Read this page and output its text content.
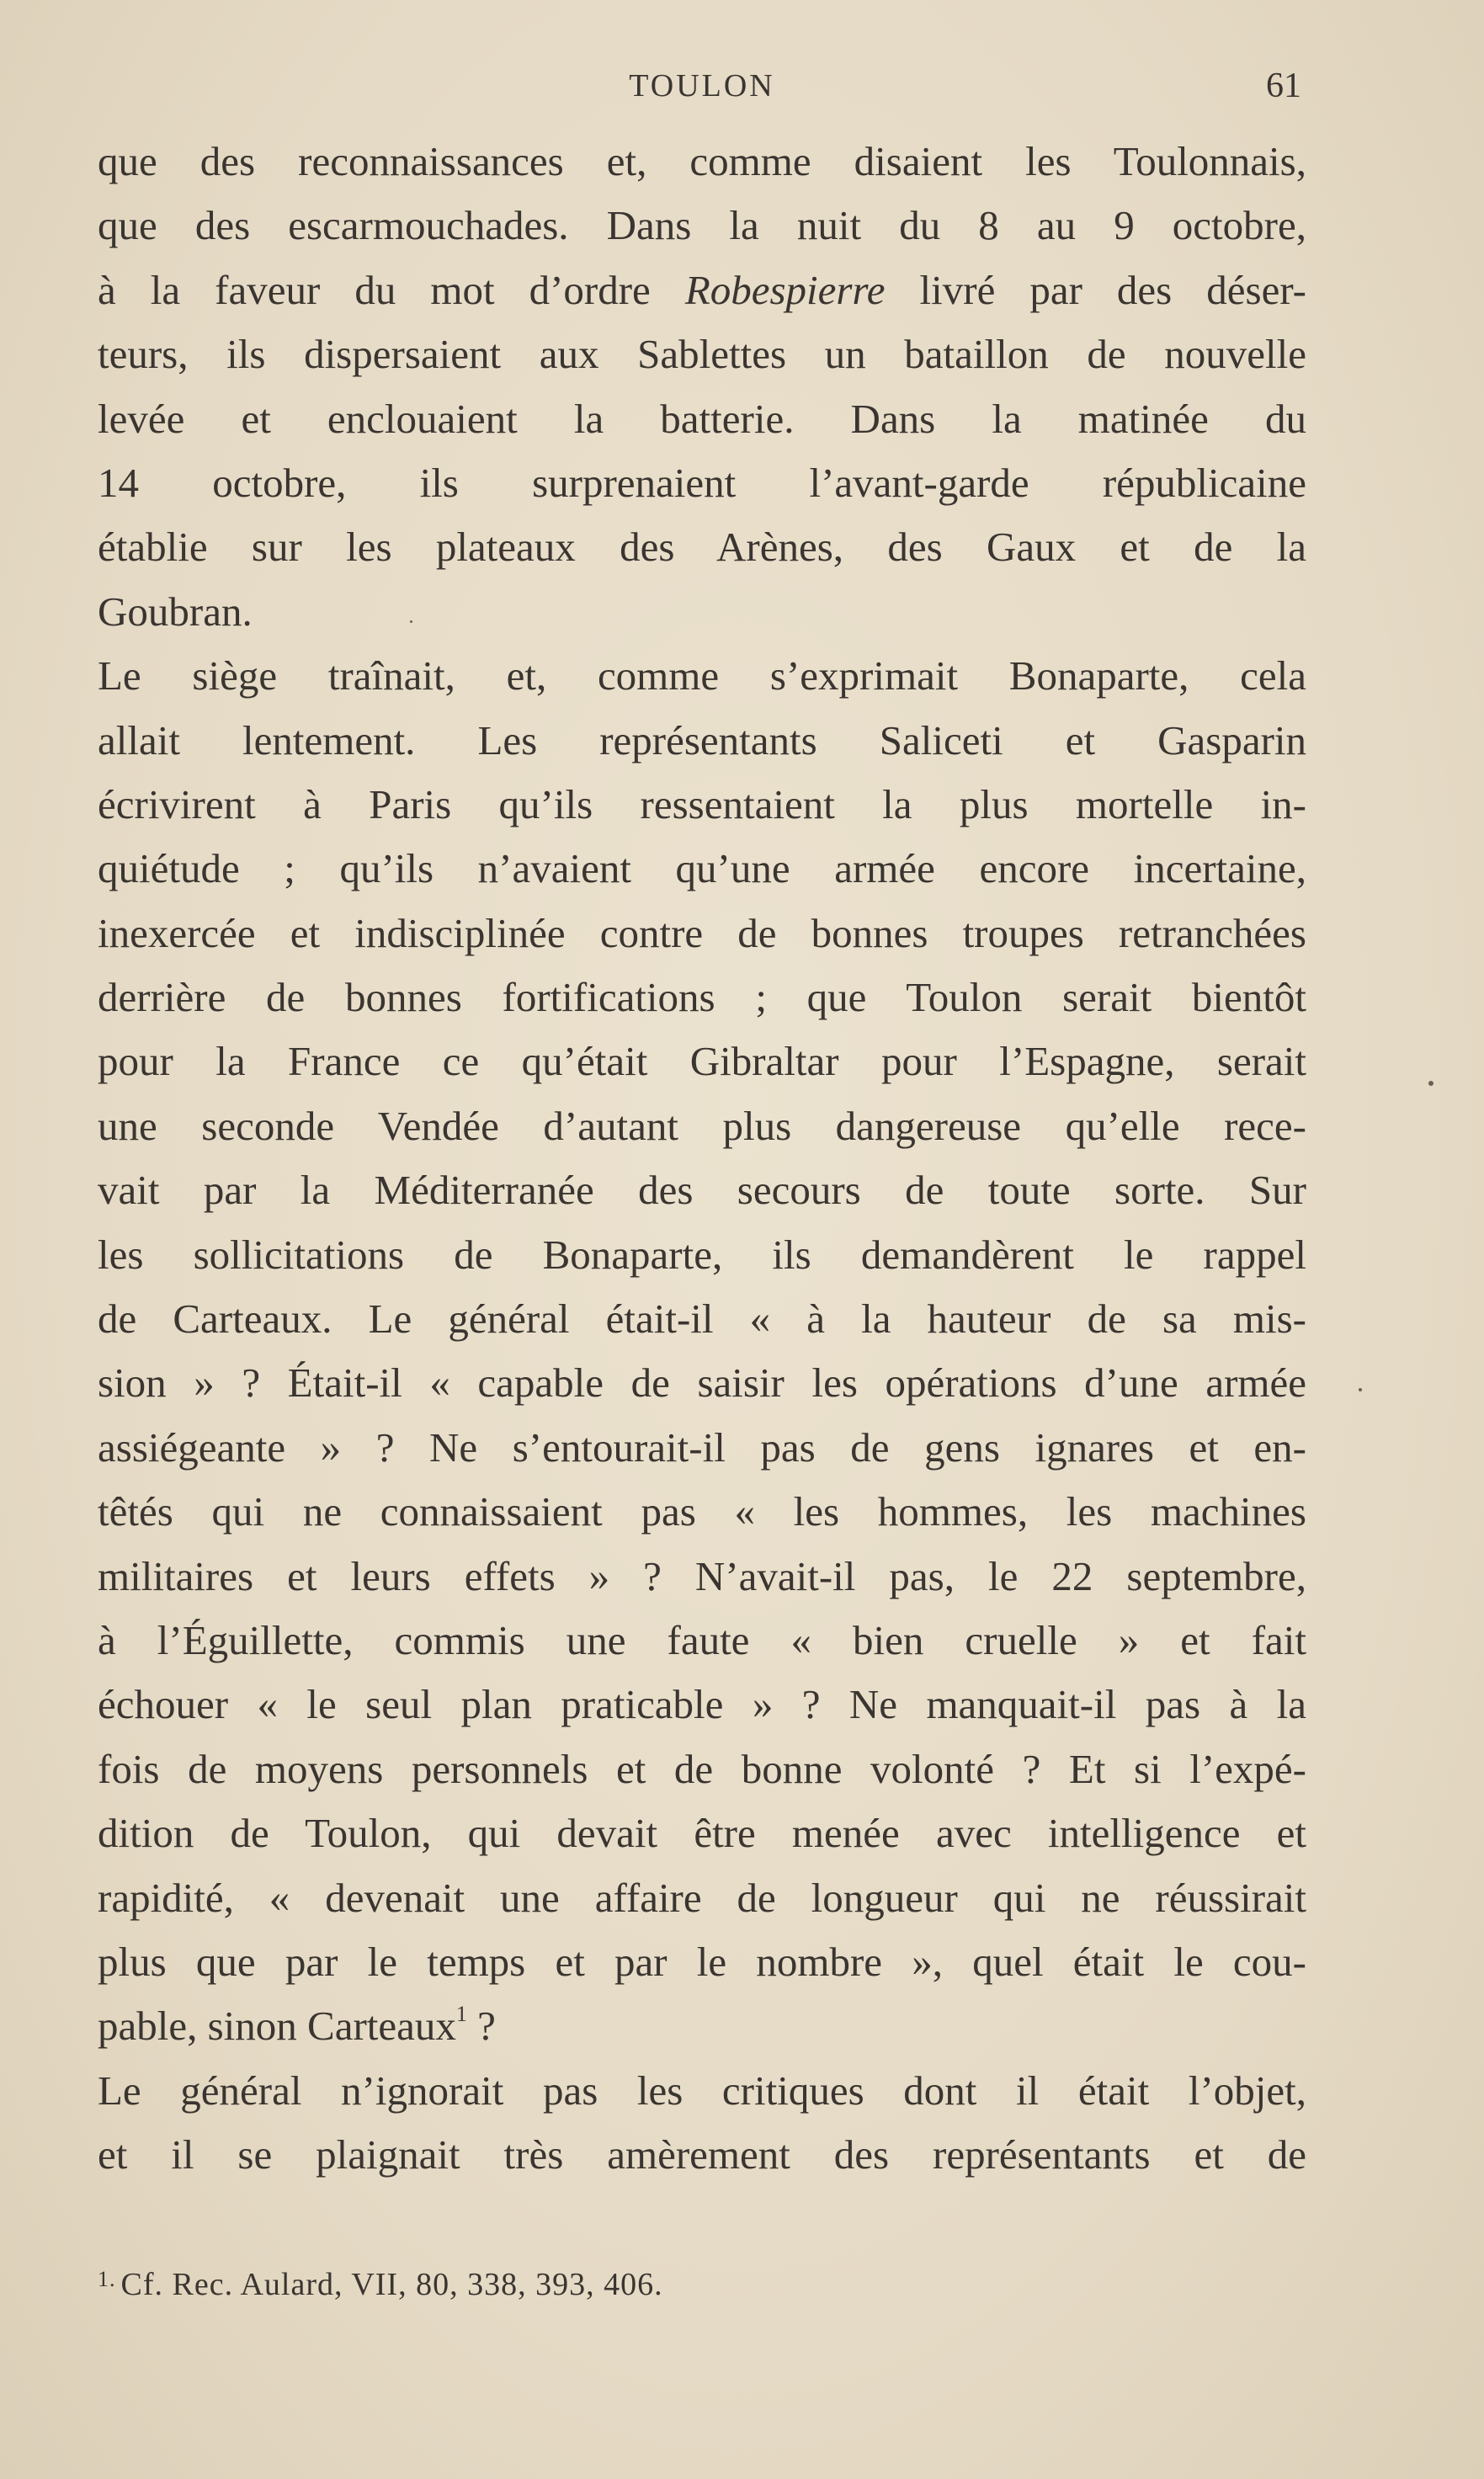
TOULON	61
que des reconnaissances et, comme disaient les Toulonnais,
que des escarmouchades. Dans la nuit du 8 au 9 octobre,
à la faveur du mot d’ordre Robespierre livré par des déser-
teurs, ils dispersaient aux Sablettes un bataillon de nouvelle
levée et enclouaient la batterie. Dans la matinée du
14 octobre, ils surprenaient l’avant-garde républicaine
établie sur les plateaux des Arènes, des Gaux et de la
Goubran.
Le siège traînait, et, comme s’exprimait Bonaparte, cela
allait lentement. Les représentants Saliceti et Gasparin
écrivirent à Paris qu’ils ressentaient la plus mortelle in-
quiétude ; qu’ils n’avaient qu’une armée encore incertaine,
inexercée et indisciplinée contre de bonnes troupes retranchées
derrière de bonnes fortifications ; que Toulon serait bientôt
pour la France ce qu’était Gibraltar pour l’Espagne, serait
une seconde Vendée d’autant plus dangereuse qu’elle rece-
vait par la Méditerranée des secours de toute sorte. Sur
les sollicitations de Bonaparte, ils demandèrent le rappel
de Carteaux. Le général était-il « à la hauteur de sa mis-
sion » ? Était-il « capable de saisir les opérations d’une armée
assiégeante » ? Ne s’entourait-il pas de gens ignares et en-
têtés qui ne connaissaient pas « les hommes, les machines
militaires et leurs effets » ? N’avait-il pas, le 22 septembre,
à l’Éguillette, commis une faute « bien cruelle » et fait
échouer « le seul plan praticable » ? Ne manquait-il pas à la
fois de moyens personnels et de bonne volonté ? Et si l’expé-
dition de Toulon, qui devait être menée avec intelligence et
rapidité, « devenait une affaire de longueur qui ne réussirait
plus que par le temps et par le nombre », quel était le cou-
pable, sinon Carteaux$^1$ ?
Le général n’ignorait pas les critiques dont il était l’objet,
et il se plaignait très amèrement des représentants et de
$^{1.}$ Cf. Rec. Aulard, VII, 80, 338, 393, 406.
